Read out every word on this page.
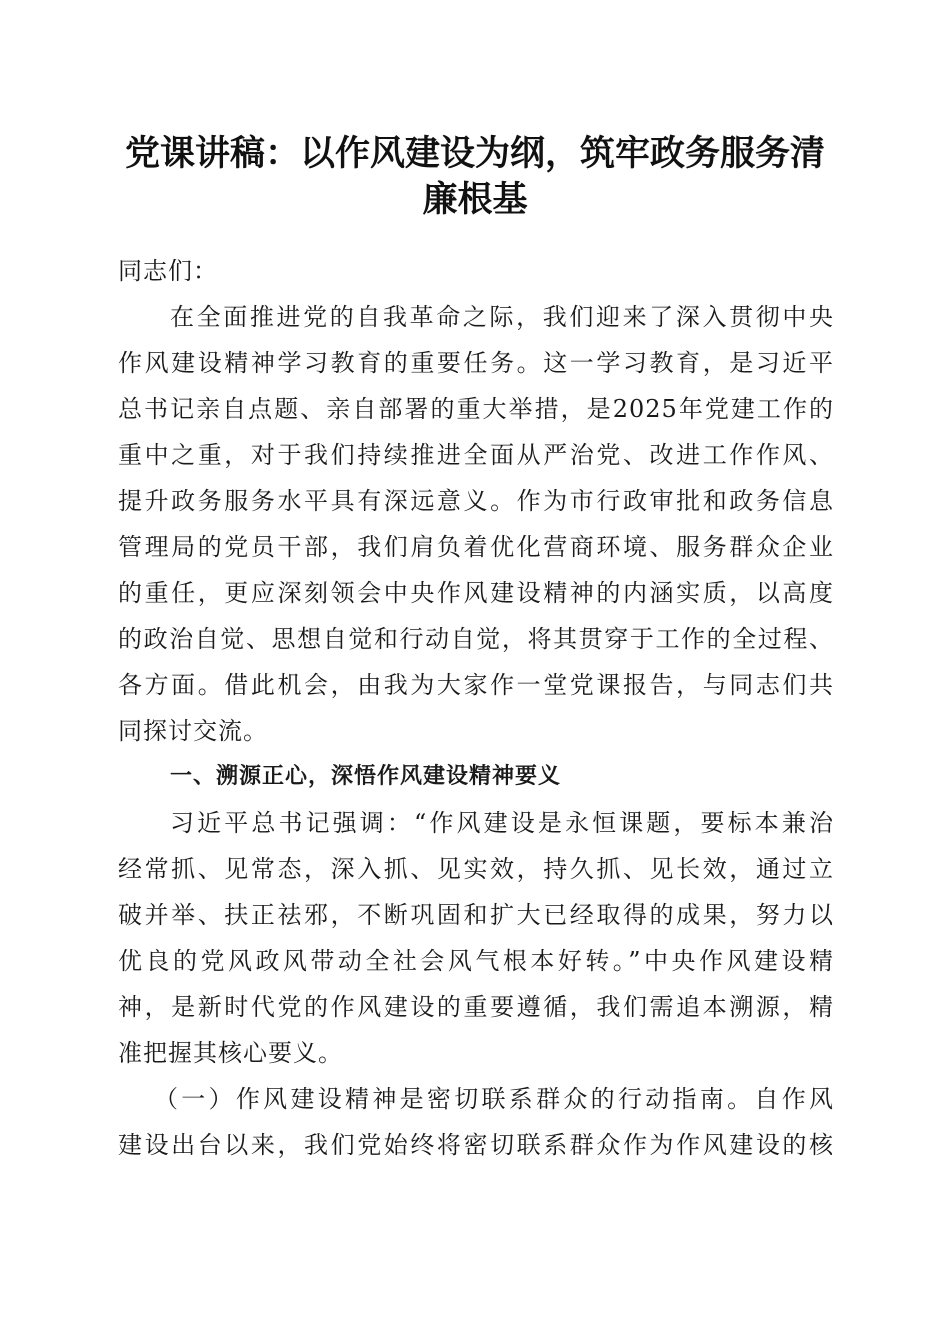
党课讲稿：以作风建设为纲，筑牢政务服务清
廉根基
同志们：
在全面推进党的自我革命之际，我们迎来了深入贯彻中央
作风建设精神学习教育的重要任务。这一学习教育，是习近平
总书记亲自点题、亲自部署的重大举措，是2025年党建工作的
重中之重，对于我们持续推进全面从严治党、改进工作作风、
提升政务服务水平具有深远意义。作为市行政审批和政务信息
管理局的党员干部，我们肩负着优化营商环境、服务群众企业
的重任，更应深刻领会中央作风建设精神的内涵实质，以高度
的政治自觉、思想自觉和行动自觉，将其贯穿于工作的全过程、
各方面。借此机会，由我为大家作一堂党课报告，与同志们共
同探讨交流。
一、溯源正心，深悟作风建设精神要义
习近平总书记强调：“作风建设是永恒课题，要标本兼治
经常抓、见常态，深入抓、见实效，持久抓、见长效，通过立
破并举、扶正祛邪，不断巩固和扩大已经取得的成果，努力以
优良的党风政风带动全社会风气根本好转。”中央作风建设精
神，是新时代党的作风建设的重要遵循，我们需追本溯源，精
准把握其核心要义。
（一）作风建设精神是密切联系群众的行动指南。自作风
建设出台以来，我们党始终将密切联系群众作为作风建设的核
